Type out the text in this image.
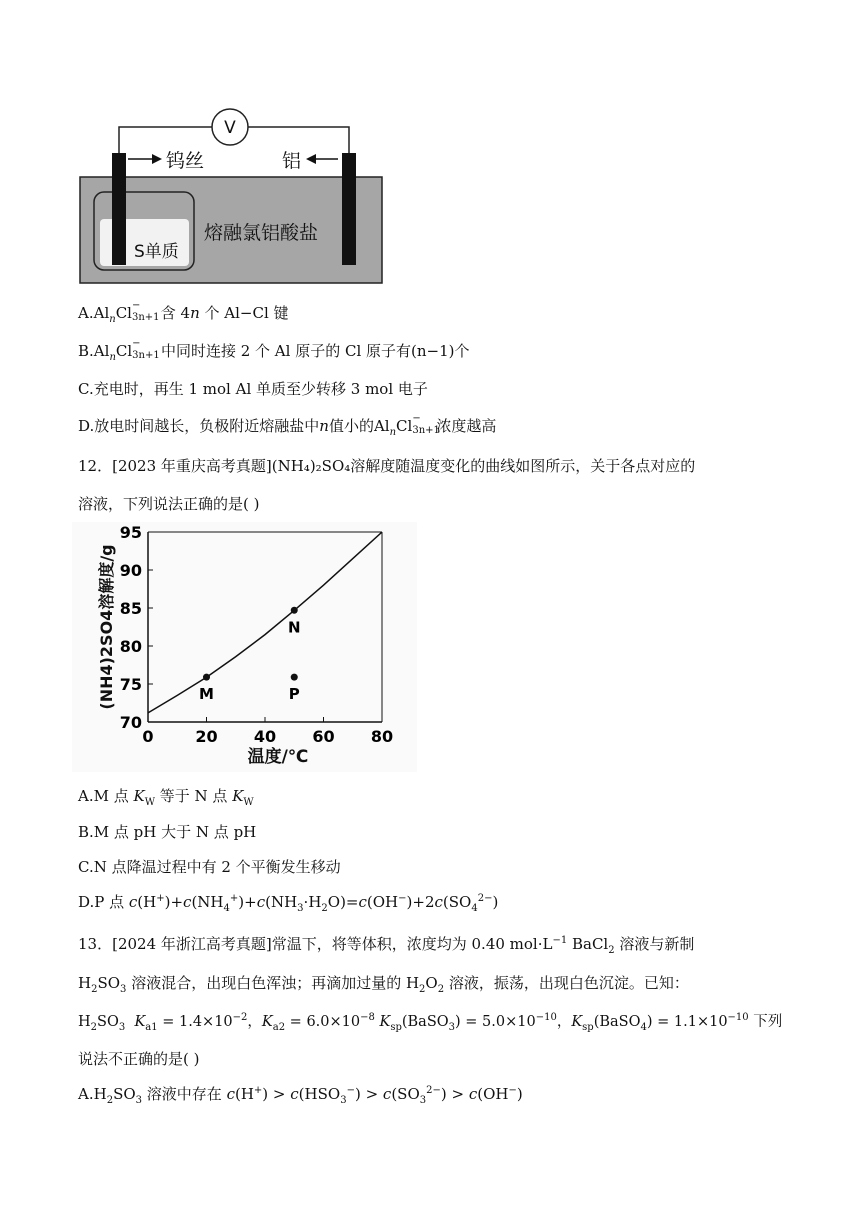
V
钨丝	铝
S单质
熔融氯铝酸盐
$A.Al_nCl$ −
3n+1 含 4n 个 Al−Cl 键
$B.Al_nCl$ −
3n+1 中同时连接 2 个 Al 原子的 Cl 原子有(n−1)个
C.充电时，再生 1 mol Al 单质至少转移 3 mol 电子
D.放电时间越长，负极附近熔融盐中n值小的$Al_nCl$ −
3n+1
浓度越高
12．[2023 年重庆高考真题](NH₄)₂SO₄溶解度随温度变化的曲线如图所示，关于各点对应的
溶液，下列说法正确的是( )
0	20 40 60 80
70
75
80
85
90
95
M
N
P
温度/℃
(NH4)2SO4溶解度/g
A.M 点 $K_W$ 等于 N 点 $K_W$
B.M 点 pH 大于 N 点 pH
C.N 点降温过程中有 2 个平衡发生移动
D.P 点 $c(H^+)+c(NH_4^+)+c(NH_3\cdot H_2O)=c(OH^-)+2c(SO_4^{2-})$
13．[2024 年浙江高考真题]常温下，将等体积，浓度均为 0.40 $mol\cdot L^{-1}$ BaCl$_2$ 溶液与新制
$H_2SO_3$ 溶液混合，出现白色浑浊；再滴加过量的 $H_2O_2$ 溶液，振荡，出现白色沉淀。已知：
$H_2SO_3$ $K_{a1} = 1.4\times 10^{-2}$，$K_{a2} = 6.0\times 10^{-8}$ $K_{sp}(BaSO_3) = 5.0\times 10^{-10}$，$K_{sp}(BaSO_4) = 1.1\times 10^{-10}$ 下列
说法不正确的是( )
$A.H_2SO_3$ 溶液中存在 $c(H^+) > c(HSO_3^-) > c(SO_3^{2-}) > c(OH^-)$
